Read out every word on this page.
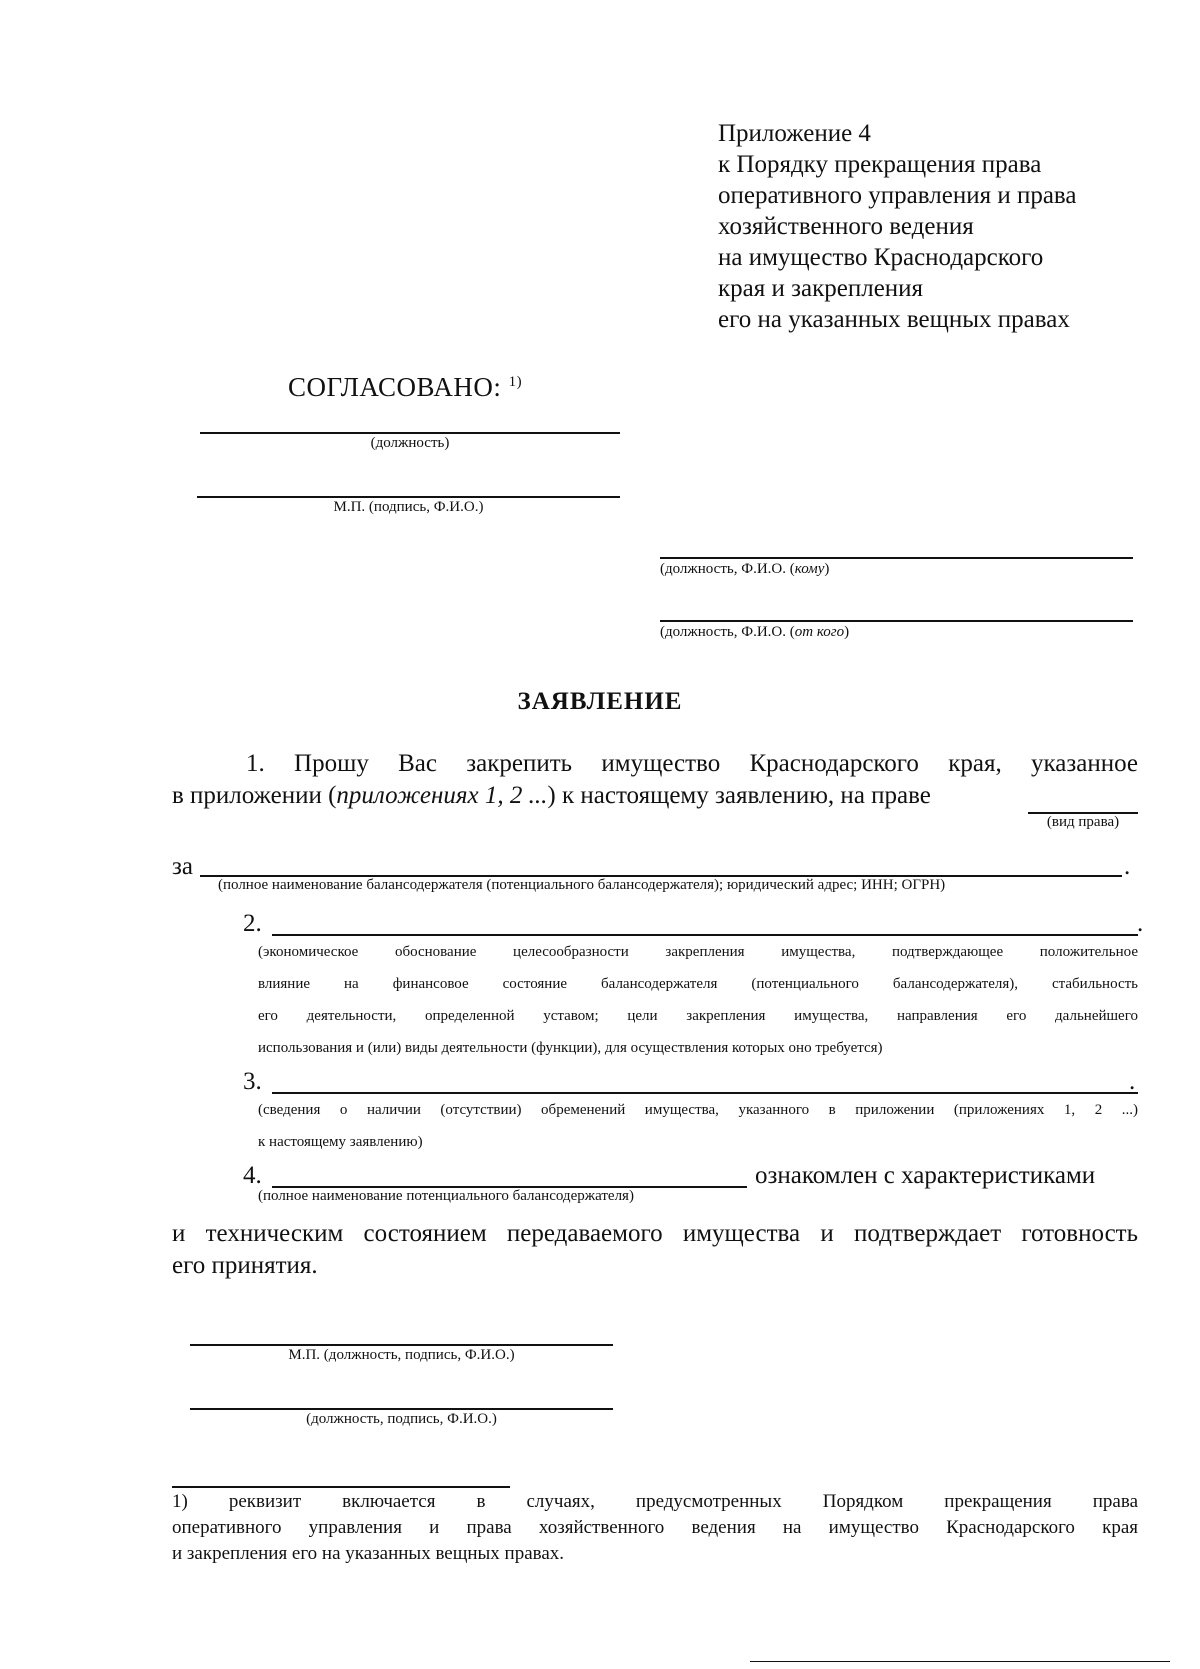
Приложение 4
к Порядку прекращения права
оперативного управления и права
хозяйственного ведения
на имущество Краснодарского
края и закрепления
его на указанных вещных правах
СОГЛАСОВАНО: $^{1)}$
(должность)
М.П. (подпись, Ф.И.О.)
(должность, Ф.И.О. (кому)
(должность, Ф.И.О. (от кого)
ЗАЯВЛЕНИЕ
1. Прошу Вас закрепить имущество Краснодарского края, указанное
в приложении (приложениях 1, 2 ...) к настоящему заявлению, на праве
(вид права)
за	.
(полное наименование балансодержателя (потенциального балансодержателя); юридический адрес; ИНН; ОГРН)
2.	.
(экономическое обоснование целесообразности закрепления имущества, подтверждающее положительное
влияние на финансовое состояние балансодержателя (потенциального балансодержателя), стабильность
его деятельности, определенной уставом; цели закрепления имущества, направления его дальнейшего
использования и (или) виды деятельности (функции), для осуществления которых оно требуется)
3.	.
(сведения о наличии (отсутствии) обременений имущества, указанного в приложении (приложениях 1, 2 ...)
к настоящему заявлению)
4.	ознакомлен с характеристиками
(полное наименование потенциального балансодержателя)
и техническим состоянием передаваемого имущества и подтверждает готовность
его принятия.
М.П. (должность, подпись, Ф.И.О.)
(должность, подпись, Ф.И.О.)
1) реквизит включается в случаях, предусмотренных Порядком прекращения права
оперативного управления и права хозяйственного ведения на имущество Краснодарского края
и закрепления его на указанных вещных правах.
